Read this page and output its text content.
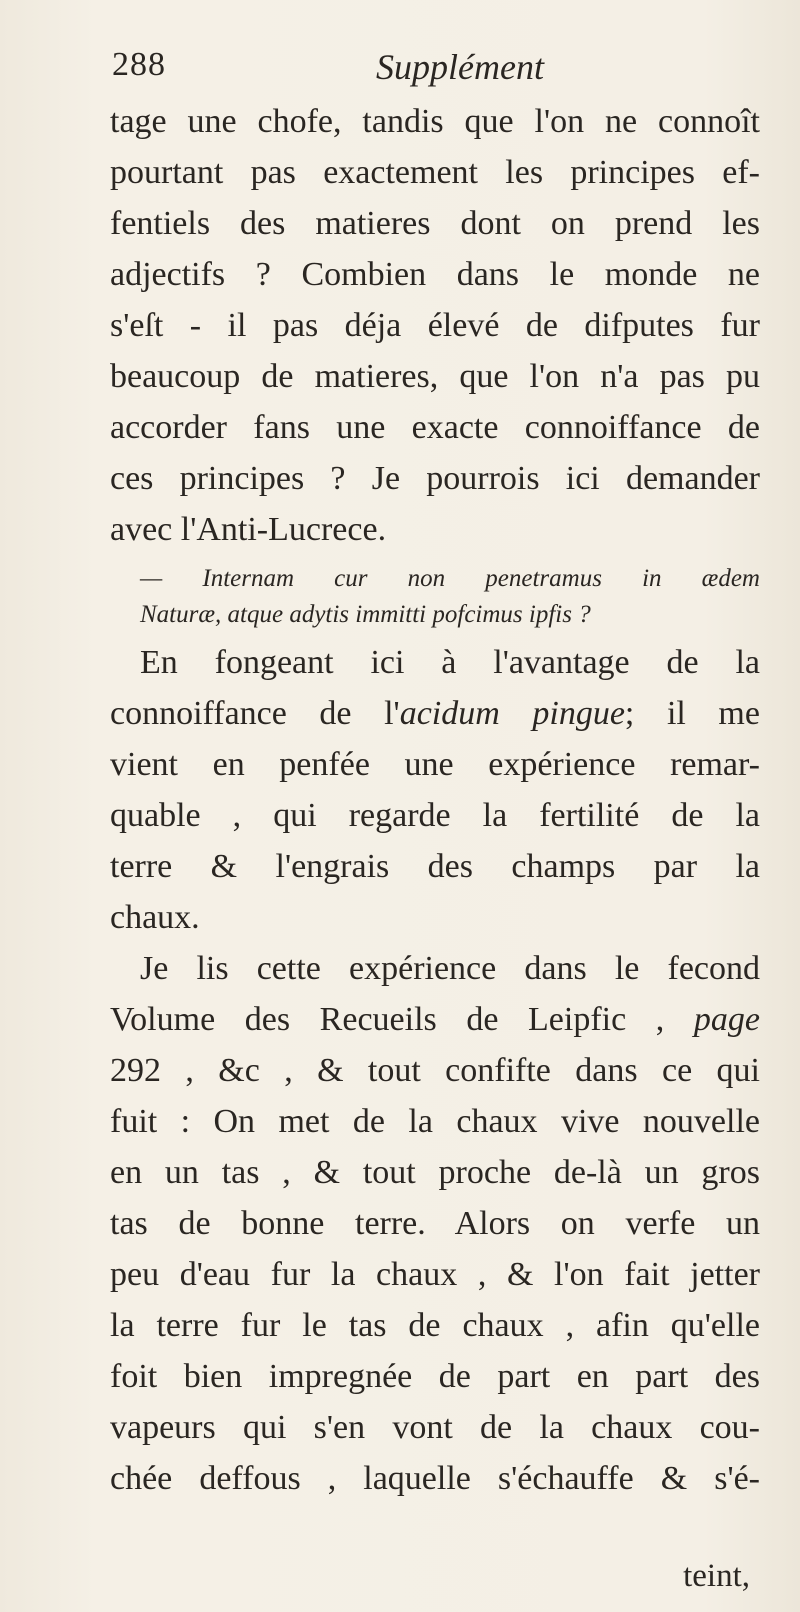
288	Supplément
tage une chofe, tandis que l'on ne connoît
pourtant pas exactement les principes ef-
fentiels des matieres dont on prend les
adjectifs ? Combien dans le monde ne
s'eſt - il pas déja élevé de difputes fur
beaucoup de matieres, que l'on n'a pas pu
accorder fans une exacte connoiffance de
ces principes ? Je pourrois ici demander
avec l'Anti-Lucrece.
— Internam cur non penetramus in ædem
Naturæ, atque adytis immitti pofcimus ipfis ?
En fongeant ici à l'avantage de la
connoiffance de l'acidum pingue; il me
vient en penfée une expérience remar-
quable , qui regarde la fertilité de la
terre & l'engrais des champs par la
chaux.
Je lis cette expérience dans le fecond
Volume des Recueils de Leipfic , page
292 , &c , & tout confifte dans ce qui
fuit : On met de la chaux vive nouvelle
en un tas , & tout proche de-là un gros
tas de bonne terre. Alors on verfe un
peu d'eau fur la chaux , & l'on fait jetter
la terre fur le tas de chaux , afin qu'elle
foit bien impregnée de part en part des
vapeurs qui s'en vont de la chaux cou-
chée deffous , laquelle s'échauffe & s'é-
teint,
